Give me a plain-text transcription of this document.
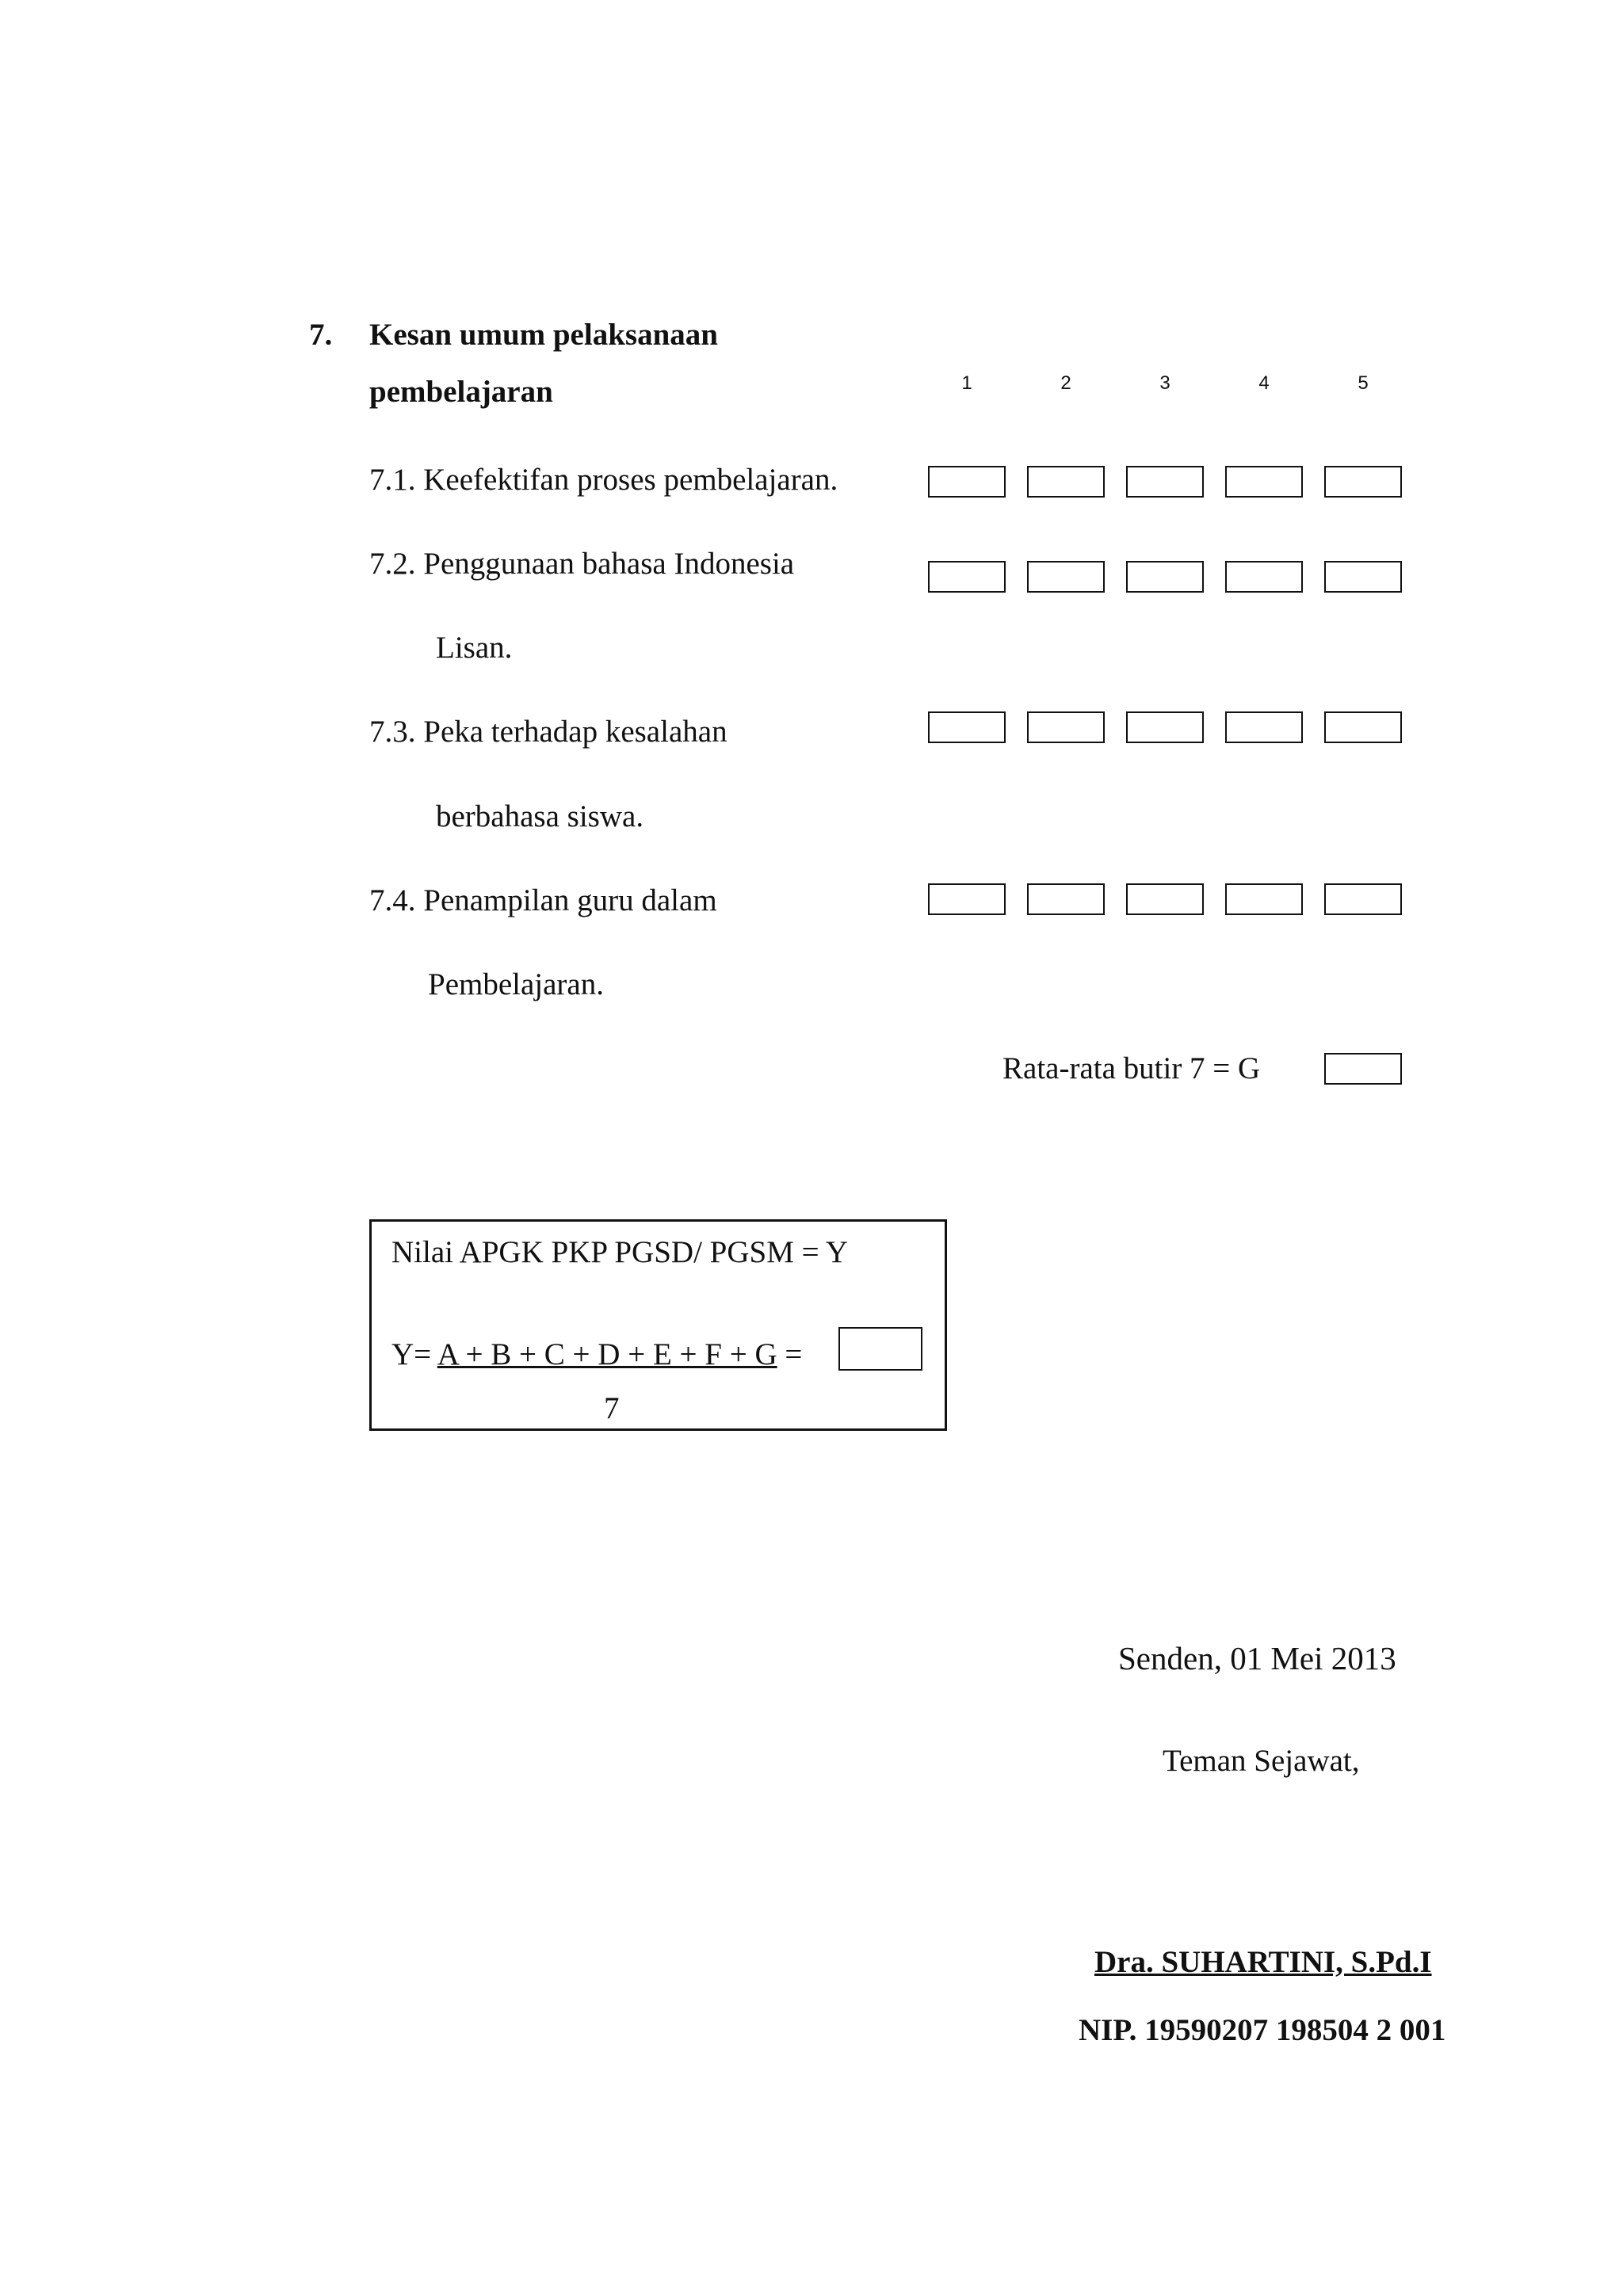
7. Kesan umum pelaksanaan
pembelajaran	1	2	3	4	5
7.1. Keefektifan proses pembelajaran.
7.2. Penggunaan bahasa Indonesia
Lisan.
7.3. Peka terhadap kesalahan
berbahasa siswa.
7.4. Penampilan guru dalam
Pembelajaran.
Rata-rata butir 7 = G
Nilai APGK PKP PGSD/ PGSM = Y
Y= A + B + C + D + E + F + G =
7
Senden, 01 Mei 2013
Teman Sejawat,
Dra. SUHARTINI, S.Pd.I
NIP. 19590207 198504 2 001
